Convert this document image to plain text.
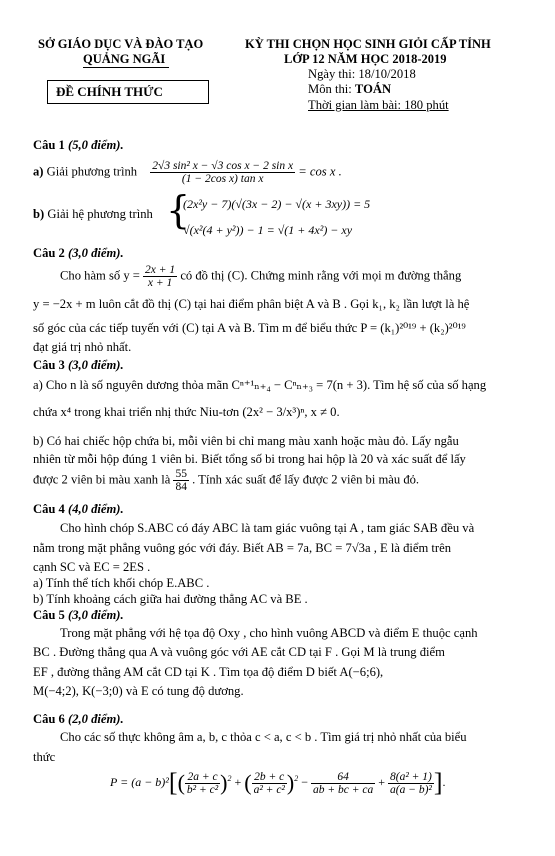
SỞ GIÁO DỤC VÀ ĐÀO TẠO
QUẢNG NGÃI
ĐỀ CHÍNH THỨC
KỲ THI CHỌN HỌC SINH GIỎI CẤP TỈNH
LỚP 12 NĂM HỌC 2018-2019
Ngày thi: 18/10/2018
Môn thi: TOÁN
Thời gian làm bài: 180 phút
Câu 1 (5,0 điểm).
a) Giải phương trình $\frac{\text{2√3 sin² x − √3 cos x − 2 sin x}}{\text{(1 − 2cos x) tan x}} = \cos x$ .
b) Giải hệ phương trình {
(2x²y − 7)(√(3x − 2) − √(x + 3xy)) = 5
√(x²(4 + y²)) − 1 = √(1 + 4x²) − xy
Câu 2 (3,0 điểm).
Cho hàm số $y = \frac{2x + 1}{x + 1}$ có đồ thị (C). Chứng minh rằng với mọi m đường thẳng
y = −2x + m luôn cắt đồ thị (C) tại hai điểm phân biệt A và B . Gọi k₁, k₂ lần lượt là hệ
số góc của các tiếp tuyến với (C) tại A và B. Tìm m để biểu thức P = (k₁)²⁰¹⁹ + (k₂)²⁰¹⁹
đạt giá trị nhỏ nhất.
Câu 3 (3,0 điểm).
a) Cho n là số nguyên dương thỏa mãn Cⁿ⁺¹ₙ₊₄ − Cⁿₙ₊₃ = 7(n + 3). Tìm hệ số của số hạng
chứa x⁴ trong khai triển nhị thức Niu-tơn (2x² − 3/x³)ⁿ, x ≠ 0.
b) Có hai chiếc hộp chứa bi, mỗi viên bi chỉ mang màu xanh hoặc màu đỏ. Lấy ngẫu
nhiên từ mỗi hộp đúng 1 viên bi. Biết tổng số bi trong hai hộp là 20 và xác suất để lấy
được 2 viên bi màu xanh là $\frac{55}{84}$ . Tính xác suất để lấy được 2 viên bi màu đỏ.
Câu 4 (4,0 điểm).
Cho hình chóp S.ABC có đáy ABC là tam giác vuông tại A , tam giác SAB đều và
nằm trong mặt phẳng vuông góc với đáy. Biết AB = 7a, BC = 7√3a , E là điểm trên
cạnh SC và EC = 2ES .
a) Tính thể tích khối chóp E.ABC .
b) Tính khoảng cách giữa hai đường thẳng AC và BE .
Câu 5 (3,0 điểm).
Trong mặt phẳng với hệ tọa độ Oxy , cho hình vuông ABCD và điểm E thuộc cạnh
BC . Đường thẳng qua A và vuông góc với AE cắt CD tại F . Gọi M là trung điểm
EF , đường thẳng AM cắt CD tại K . Tìm tọa độ điểm D biết A(−6;6),
M(−4;2), K(−3;0) và E có tung độ dương.
Câu 6 (2,0 điểm).
Cho các số thực không âm a, b, c thỏa c < a, c < b . Tìm giá trị nhỏ nhất của biểu
thức
$P = (a - b)^2[( \frac{2a + c}{\text{b² + c²}} )^2$ + ( $\frac{2b + c}{\text{a² + c²}} )^2 - \frac{64}{ab + bc + ca} + \frac{\text{8(a² + 1)}}{\text{a(a − b)²}}$ ].
